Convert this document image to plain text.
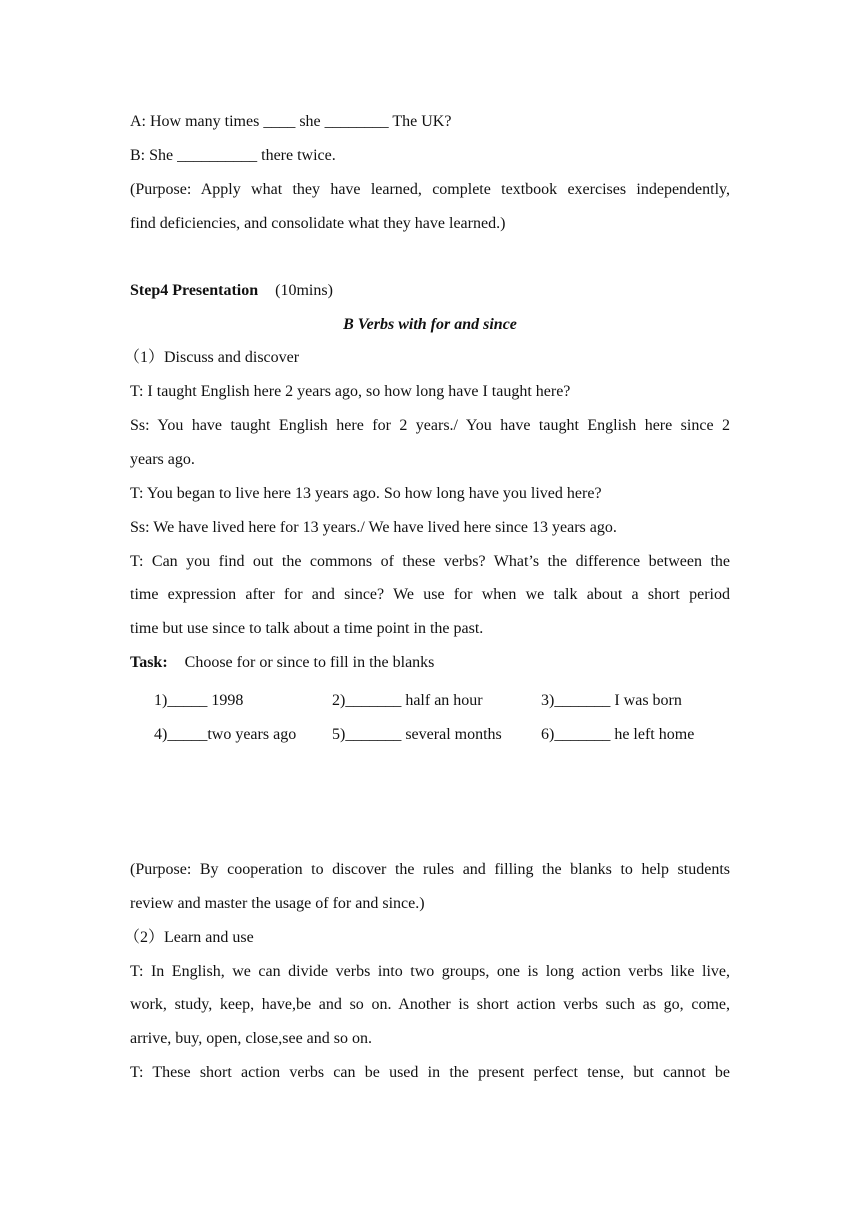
A: How many times ____ she ________ The UK?
B: She __________ there twice.
(Purpose: Apply what they have learned, complete textbook exercises independently,
find deficiencies, and consolidate what they have learned.)
Step4 Presentation (10mins)
B Verbs with for and since
（1）Discuss and discover
T: I taught English here 2 years ago, so how long have I taught here?
Ss: You have taught English here for 2 years./ You have taught English here since 2
years ago.
T: You began to live here 13 years ago. So how long have you lived here?
Ss: We have lived here for 13 years./ We have lived here since 13 years ago.
T: Can you find out the commons of these verbs? What’s the difference between the
time expression after for and since? We use for when we talk about a short period
time but use since to talk about a time point in the past.
Task: Choose for or since to fill in the blanks
1)_____ 1998	2)_______ half an hour	3)_______ I was born
4)_____two years ago 5)_______ several months 6)_______ he left home
(Purpose: By cooperation to discover the rules and filling the blanks to help students
review and master the usage of for and since.)
（2）Learn and use
T: In English, we can divide verbs into two groups, one is long action verbs like live,
work, study, keep, have,be and so on. Another is short action verbs such as go, come,
arrive, buy, open, close,see and so on.
T: These short action verbs can be used in the present perfect tense, but cannot be
